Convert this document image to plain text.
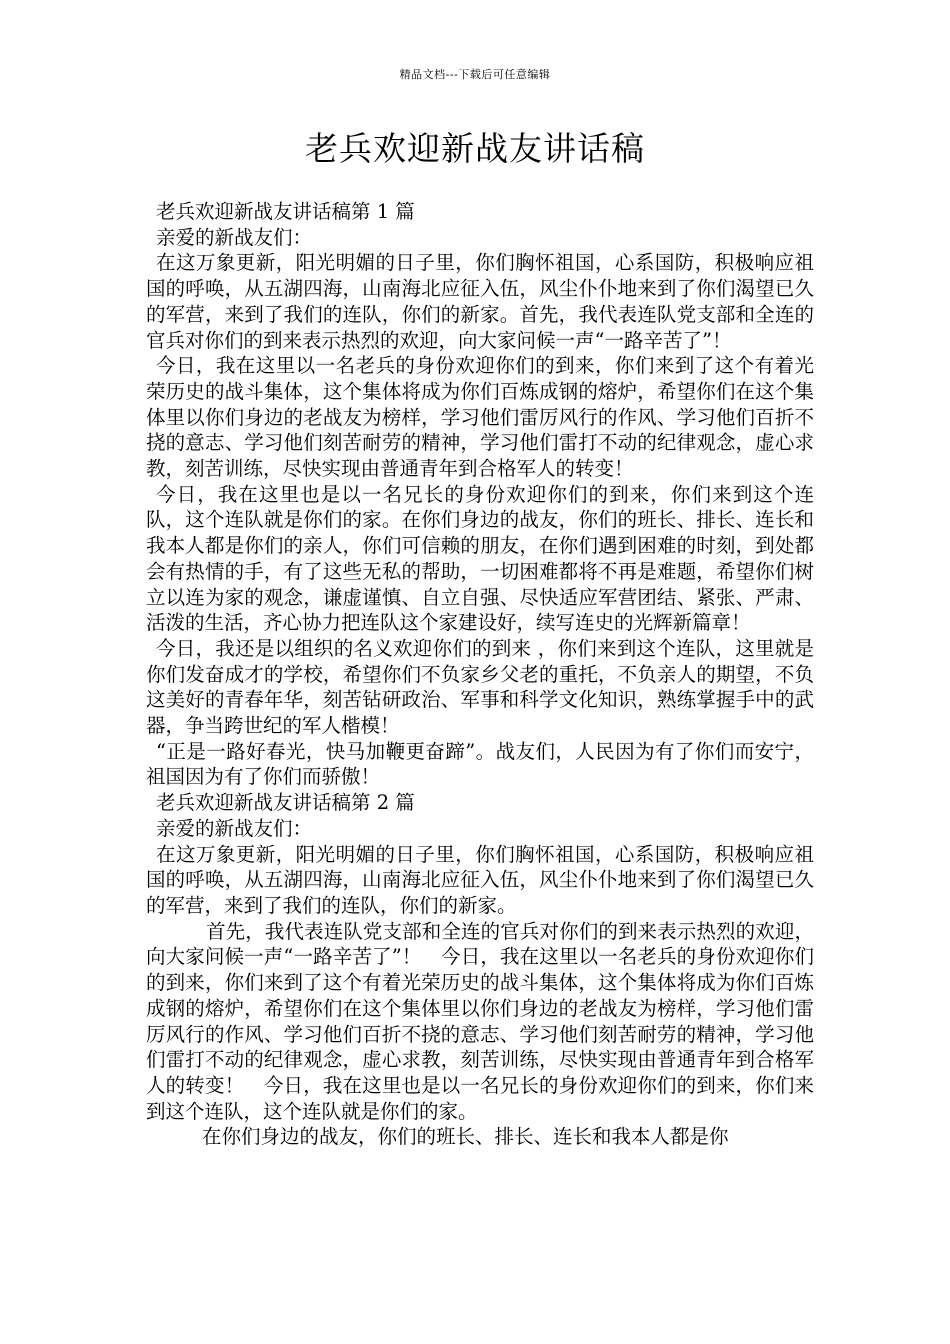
精品文档---下载后可任意编辑
老兵欢迎新战友讲话稿

老兵欢迎新战友讲话稿第 1 篇

亲爱的新战友们：

在这万象更新，阳光明媚的日子里，你们胸怀祖国，心系国防，积极响应祖国的呼唤，从五湖四海，山南海北应征入伍，风尘仆仆地来到了你们渴望已久的军营，来到了我们的连队，你们的新家。首先，我代表连队党支部和全连的官兵对你们的到来表示热烈的欢迎，向大家问候一声“一路辛苦了”！

今日，我在这里以一名老兵的身份欢迎你们的到来，你们来到了这个有着光荣历史的战斗集体，这个集体将成为你们百炼成钢的熔炉，希望你们在这个集体里以你们身边的老战友为榜样，学习他们雷厉风行的作风、学习他们百折不挠的意志、学习他们刻苦耐劳的精神，学习他们雷打不动的纪律观念，虚心求教，刻苦训练，尽快实现由普通青年到合格军人的转变！

今日，我在这里也是以一名兄长的身份欢迎你们的到来，你们来到这个连队，这个连队就是你们的家。在你们身边的战友，你们的班长、排长、连长和我本人都是你们的亲人，你们可信赖的朋友，在你们遇到困难的时刻，到处都会有热情的手，有了这些无私的帮助，一切困难都将不再是难题，希望你们树立以连为家的观念，谦虚谨慎、自立自强、尽快适应军营团结、紧张、严肃、活泼的生活，齐心协力把连队这个家建设好，续写连史的光辉新篇章！

今日，我还是以组织的名义欢迎你们的到来 ，你们来到这个连队，这里就是你们发奋成才的学校，希望你们不负家乡父老的重托，不负亲人的期望，不负这美好的青春年华，刻苦钻研政治、军事和科学文化知识，熟练掌握手中的武器，争当跨世纪的军人楷模！

“正是一路好春光，快马加鞭更奋蹄”。战友们，人民因为有了你们而安宁，祖国因为有了你们而骄傲！

老兵欢迎新战友讲话稿第 2 篇

亲爱的新战友们：

在这万象更新，阳光明媚的日子里，你们胸怀祖国，心系国防，积极响应祖国的呼唤，从五湖四海，山南海北应征入伍，风尘仆仆地来到了你们渴望已久的军营，来到了我们的连队，你们的新家。

首先，我代表连队党支部和全连的官兵对你们的到来表示热烈的欢迎，向大家问候一声“一路辛苦了”！　今日，我在这里以一名老兵的身份欢迎你们的到来，你们来到了这个有着光荣历史的战斗集体，这个集体将成为你们百炼成钢的熔炉，希望你们在这个集体里以你们身边的老战友为榜样，学习他们雷厉风行的作风、学习他们百折不挠的意志、学习他们刻苦耐劳的精神，学习他们雷打不动的纪律观念，虚心求教，刻苦训练，尽快实现由普通青年到合格军人的转变！　今日，我在这里也是以一名兄长的身份欢迎你们的到来，你们来到这个连队，这个连队就是你们的家。

在你们身边的战友，你们的班长、排长、连长和我本人都是你
